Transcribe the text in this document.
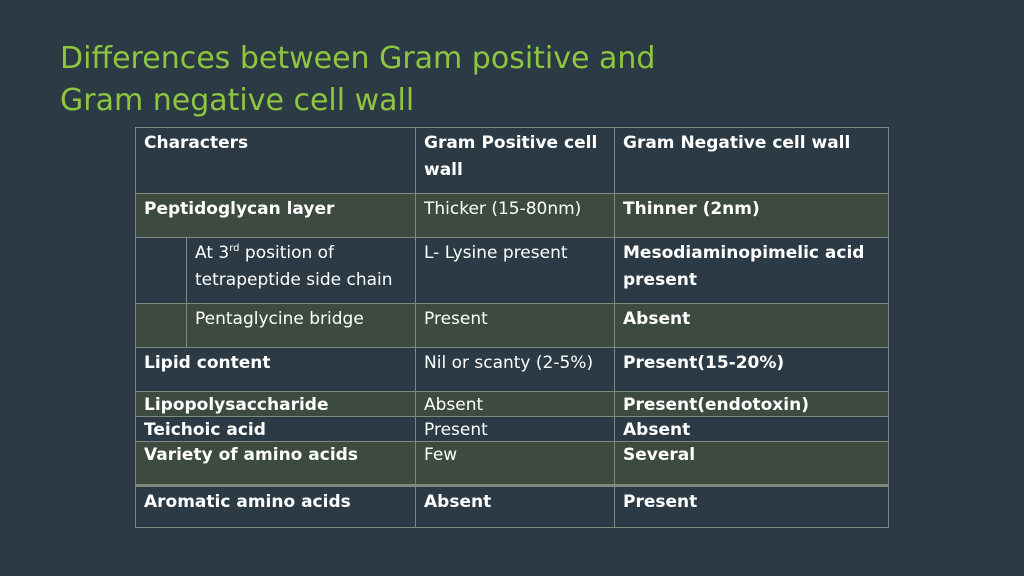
Differences between Gram positive and
Gram negative cell wall
Characters		Gram Positive cell wall	Gram Negative cell wall
Peptidoglycan layer		Thicker (15-80nm)	Thinner (2nm)
	At 3rd position of tetrapeptide side chain	L- Lysine present	Mesodiaminopimelic acid present
	Pentaglycine bridge	Present	Absent
Lipid content		Nil or scanty (2-5%)	Present(15-20%)
Lipopolysaccharide		Absent	Present(endotoxin)
Teichoic acid		Present	Absent
Variety of amino acids		Few	Several
Aromatic amino acids		Absent	Present
